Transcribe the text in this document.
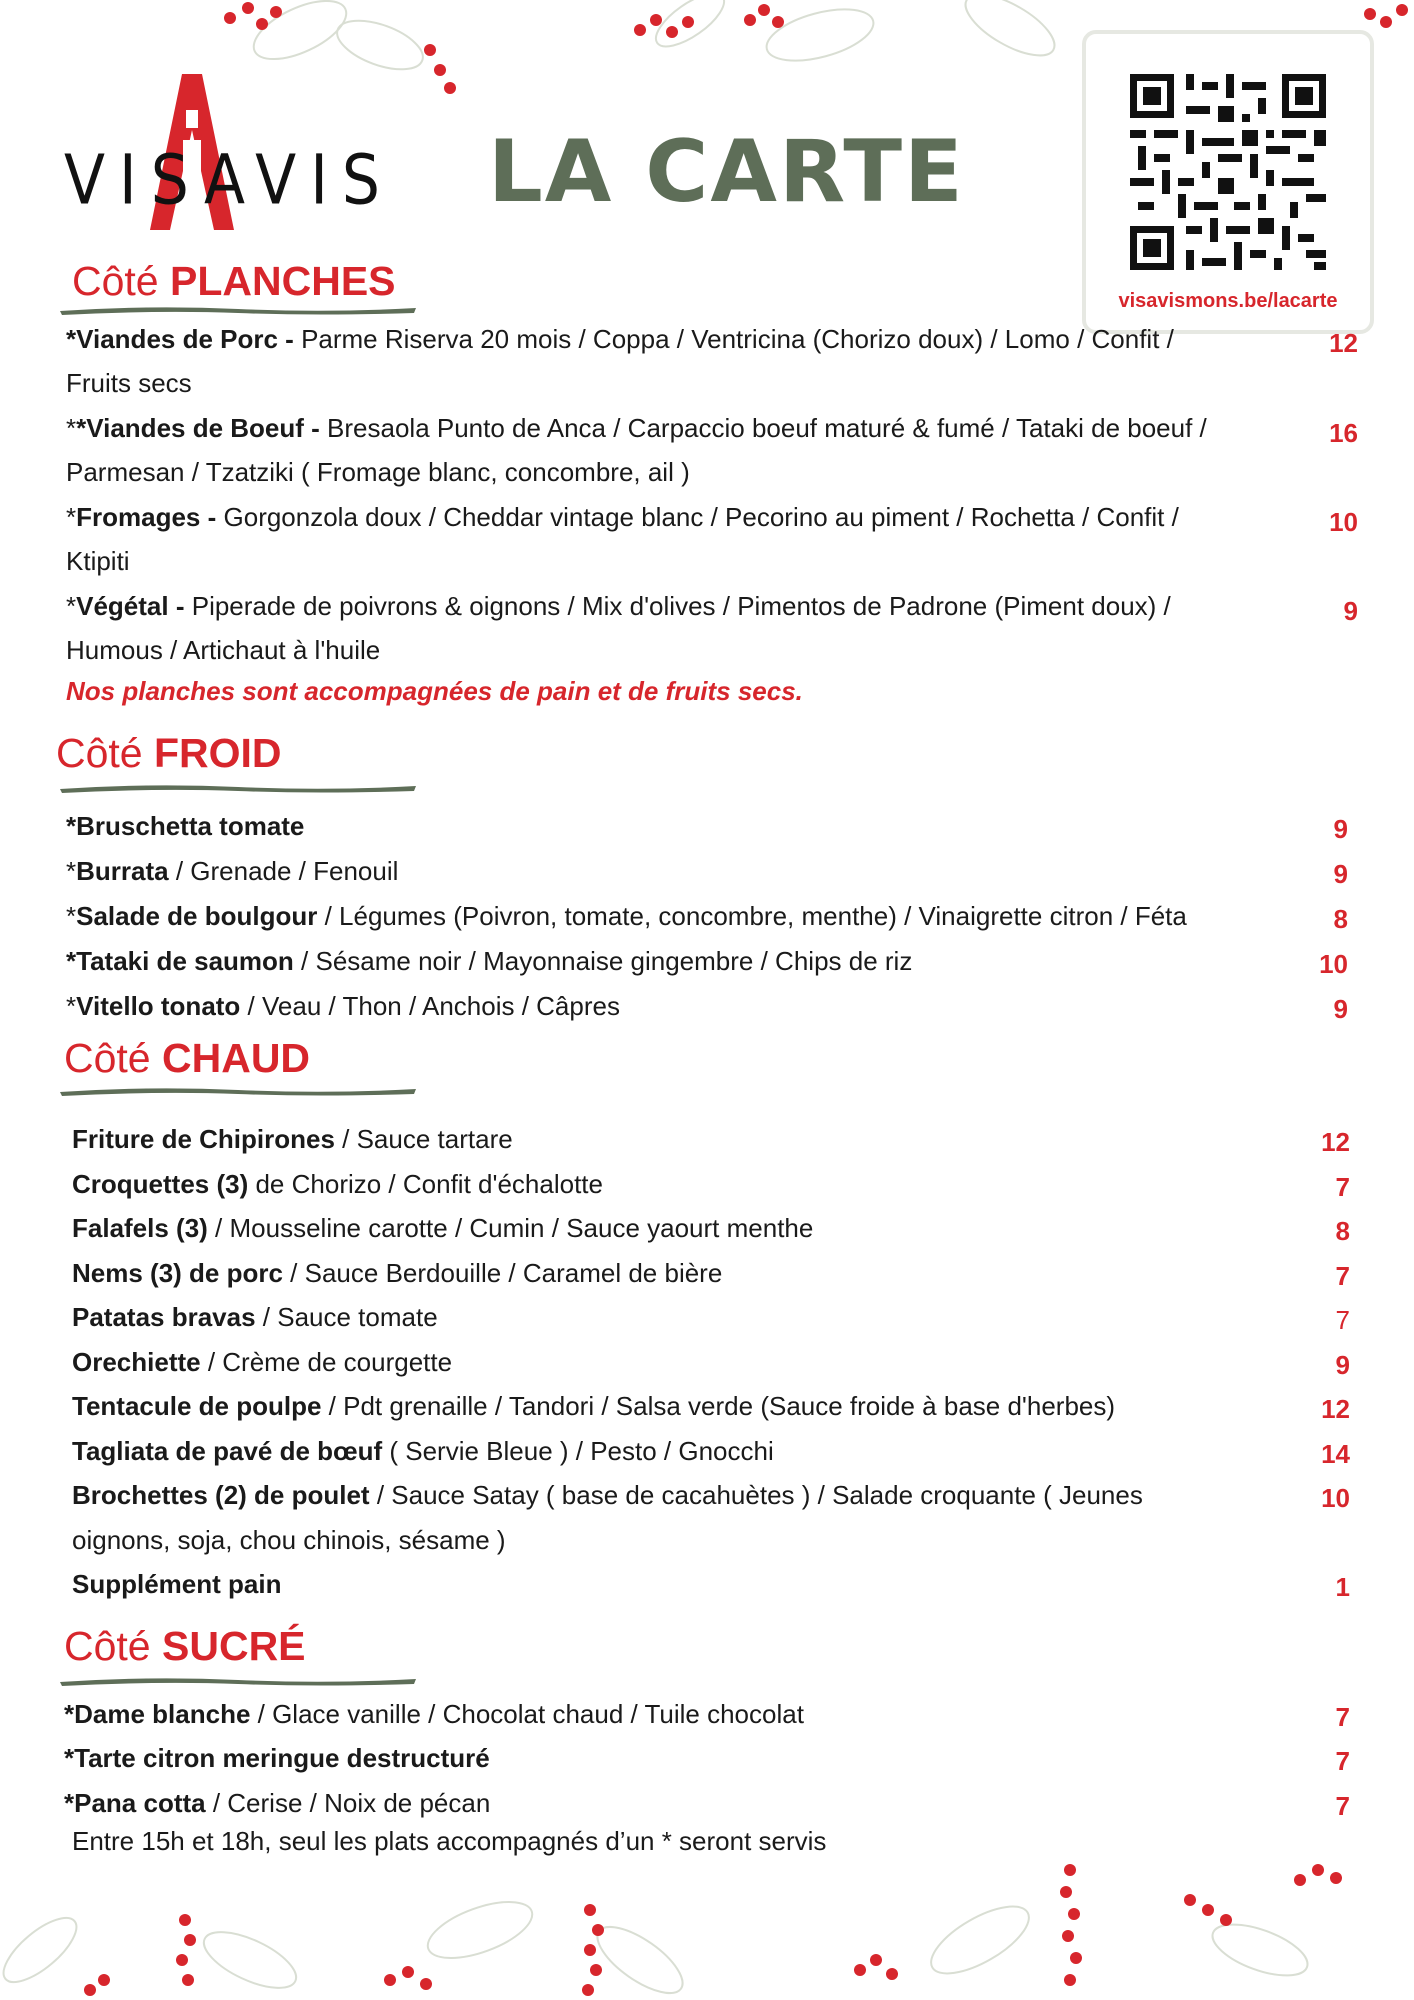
VISAVIS LA CARTE
visavismons.be/lacarte
Côté PLANCHES
*Viandes de Porc - Parme Riserva 20 mois / Coppa / Ventricina (Chorizo doux) / Lomo / Confit /
Fruits secs
12
**Viandes de Boeuf - Bresaola Punto de Anca / Carpaccio boeuf maturé & fumé / Tataki de boeuf /
Parmesan / Tzatziki ( Fromage blanc, concombre, ail )
16
*Fromages - Gorgonzola doux / Cheddar vintage blanc / Pecorino au piment / Rochetta / Confit /
Ktipiti
10
*Végétal - Piperade de poivrons & oignons / Mix d'olives / Pimentos de Padrone (Piment doux) /
Humous / Artichaut à l'huile
9
Nos planches sont accompagnées de pain et de fruits secs.
Côté FROID
*Bruschetta tomate	9
*Burrata / Grenade / Fenouil	9
*Salade de boulgour / Légumes (Poivron, tomate, concombre, menthe) / Vinaigrette citron / Féta	8
*Tataki de saumon / Sésame noir / Mayonnaise gingembre / Chips de riz	10
*Vitello tonato / Veau / Thon / Anchois / Câpres	9
Côté CHAUD
Friture de Chipirones / Sauce tartare	12
Croquettes (3) de Chorizo / Confit d'échalotte	7
Falafels (3) / Mousseline carotte / Cumin / Sauce yaourt menthe	8
Nems (3) de porc / Sauce Berdouille / Caramel de bière	7
Patatas bravas / Sauce tomate	7
Orechiette / Crème de courgette	9
Tentacule de poulpe / Pdt grenaille / Tandori / Salsa verde (Sauce froide à base d'herbes)	12
Tagliata de pavé de bœuf ( Servie Bleue ) / Pesto / Gnocchi	14
Brochettes (2) de poulet / Sauce Satay ( base de cacahuètes ) / Salade croquante ( Jeunes
oignons, soja, chou chinois, sésame )
10
Supplément pain	1
Côté SUCRÉ
*Dame blanche / Glace vanille / Chocolat chaud / Tuile chocolat	7
*Tarte citron meringue destructuré	7
*Pana cotta / Cerise / Noix de pécan	7
Entre 15h et 18h, seul les plats accompagnés d’un * seront servis
